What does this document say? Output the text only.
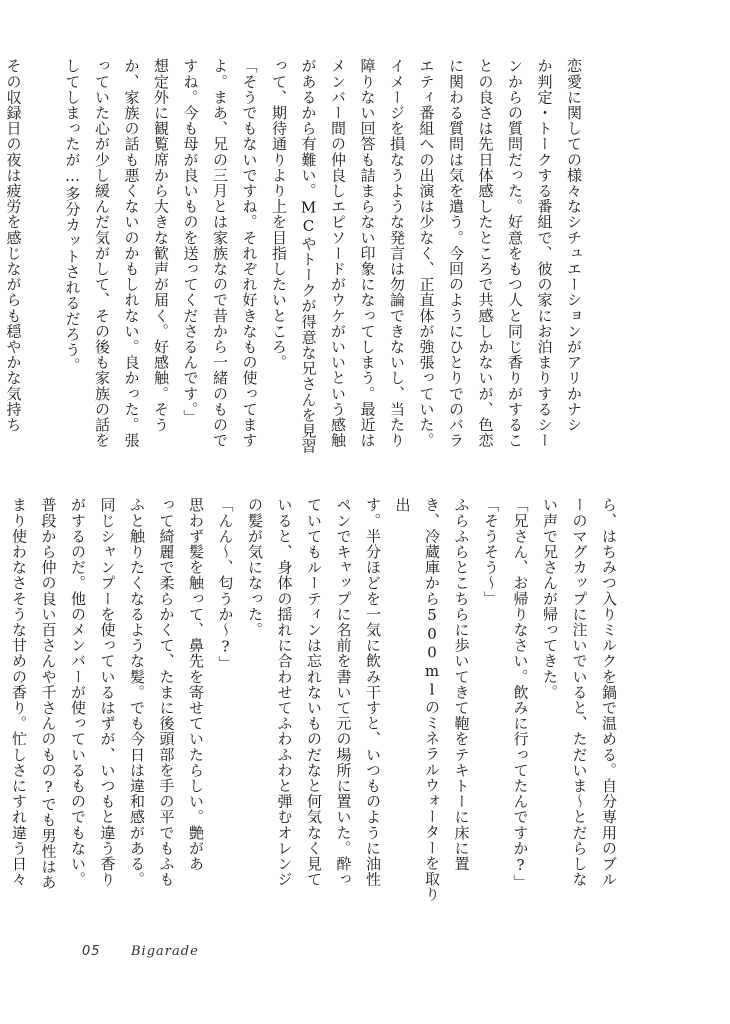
恋愛に関しての様々なシチュエーションがアリかナシ

か判定・トークする番組で、彼の家にお泊まりするシー

ンからの質問だった。好意をもつ人と同じ香りがするこ

との良さは先日体感したところで共感しかないが、色恋

に関わる質問は気を遣う。今回のようにひとりでのバラ

エティ番組への出演は少なく、正直体が強張っていた。

イメージを損なうような発言は勿論できないし、当たり

障りない回答も詰まらない印象になってしまう。最近は

メンバー間の仲良しエピソードがウケがいいという感触

があるから有難い。MCやトークが得意な兄さんを見習

って、期待通りより上を目指したいところ。

「そうでもないですね。それぞれ好きなもの使ってます

よ。まあ、兄の三月とは家族なので昔から一緒のもので

すね。今も母が良いものを送ってくださるんです。」

想定外に観覧席から大きな歓声が届く。好感触。そう

か、家族の話も悪くないのかもしれない。良かった。張

っていた心が少し緩んだ気がして、その後も家族の話を

してしまったが…多分カットされるだろう。

その収録日の夜は疲労を感じながらも穏やかな気持ち

ら、はちみつ入りミルクを鍋で温める。自分専用のブル

ーのマグカップに注いでいると、ただいま〜とだらしな

い声で兄さんが帰ってきた。

「兄さん、お帰りなさい。飲みに行ってたんですか?」

「そうそう〜」

ふらふらとこちらに歩いてきて鞄をテキトーに床に置

き、冷蔵庫から500mlのミネラルウォーターを取り出

す。半分ほどを一気に飲み干すと、いつものように油性

ペンでキャップに名前を書いて元の場所に置いた。酔っ

ていてもルーティンは忘れないものだなと何気なく見て

いると、身体の揺れに合わせてふわふわと弾むオレンジ

の髪が気になった。

「んん〜、匂うか〜?」

思わず髪を触って、鼻先を寄せていたらしい。艶があ

って綺麗で柔らかくて、たまに後頭部を手の平でもふも

ふと触りたくなるような髪。でも今日は違和感がある。

同じシャンプーを使っているはずが、いつもと違う香り

がするのだ。他のメンバーが使っているものでもない。

普段から仲の良い百さんや千さんのもの?でも男性はあ

まり使わなさそうな甘めの香り。忙しさにすれ違う日々

05 Bigarade
